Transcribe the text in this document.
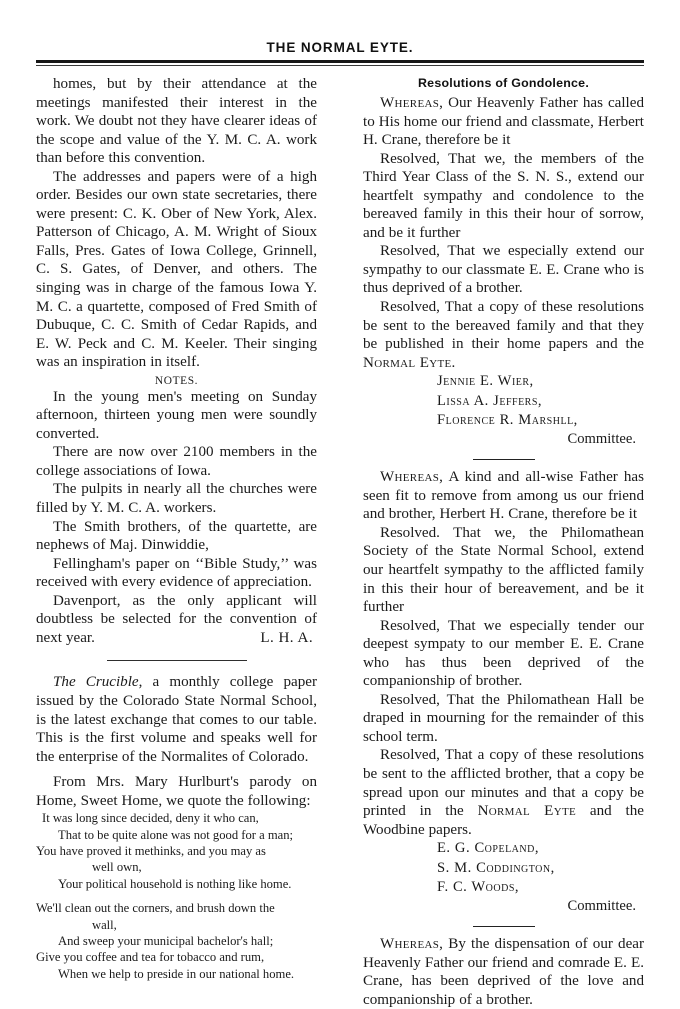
THE NORMAL EYTE.

homes, but by their attendance at the meetings manifested their interest in the work. We doubt not they have clearer ideas of the scope and value of the Y. M. C. A. work than before this convention.

The addresses and papers were of a high order. Besides our own state secretaries, there were present: C. K. Ober of New York, Alex. Patterson of Chicago, A. M. Wright of Sioux Falls, Pres. Gates of Iowa College, Grinnell, C. S. Gates, of Denver, and others. The singing was in charge of the famous Iowa Y. M. C. a quartette, composed of Fred Smith of Dubuque, C. C. Smith of Cedar Rapids, and E. W. Peck and C. M. Keeler. Their singing was an inspiration in itself.

NOTES.

In the young men's meeting on Sunday afternoon, thirteen young men were soundly converted.

There are now over 2100 members in the college associations of Iowa.

The pulpits in nearly all the churches were filled by Y. M. C. A. workers.

The Smith brothers, of the quartette, are nephews of Maj. Dinwiddie,

Fellingham's paper on ‘‘Bible Study,’’ was received with every evidence of appreciation.

Davenport, as the only applicant will doubtless be selected for the convention of next year.	L. H. A.

The Crucible, a monthly college paper issued by the Colorado State Normal School, is the latest exchange that comes to our table. This is the first volume and speaks well for the enterprise of the Normalites of Colorado.

From Mrs. Mary Hurlburt's parody on Home, Sweet Home, we quote the following:

It was long since decided, deny it who can,
That to be quite alone was not good for a man;
You have proved it methinks, and you may as
well own,
Your political household is nothing like home.
We'll clean out the corners, and brush down the
wall,
And sweep your municipal bachelor's hall;
Give you coffee and tea for tobacco and rum,
When we help to preside in our national home.
Resolutions of Gondolence.

Whereas, Our Heavenly Father has called to His home our friend and classmate, Herbert H. Crane, therefore be it

Resolved, That we, the members of the Third Year Class of the S. N. S., extend our heartfelt sympathy and condolence to the bereaved family in this their hour of sorrow, and be it further

Resolved, That we especially extend our sympathy to our classmate E. E. Crane who is thus deprived of a brother.

Resolved, That a copy of these resolutions be sent to the bereaved family and that they be published in their home papers and the Normal Eyte.

Jennie E. Wier,

Lissa A. Jeffers,

Florence R. Marshll,

Committee.

Whereas, A kind and all-wise Father has seen fit to remove from among us our friend and brother, Herbert H. Crane, therefore be it

Resolved. That we, the Philomathean Society of the State Normal School, extend our heartfelt sympathy to the afflicted family in this their hour of bereavement, and be it further

Resolved, That we especially tender our deepest sympaty to our member E. E. Crane who has thus been deprived of the companionship of brother.

Resolved, That the Philomathean Hall be draped in mourning for the remainder of this school term.

Resolved, That a copy of these resolutions be sent to the afflicted brother, that a copy be spread upon our minutes and that a copy be printed in the Normal Eyte and the Woodbine papers.

E. G. Copeland,

S. M. Coddington,

F. C. Woods,

Committee.

Whereas, By the dispensation of our dear Heavenly Father our friend and comrade E. E. Crane, has been deprived of the love and companionship of a brother.
